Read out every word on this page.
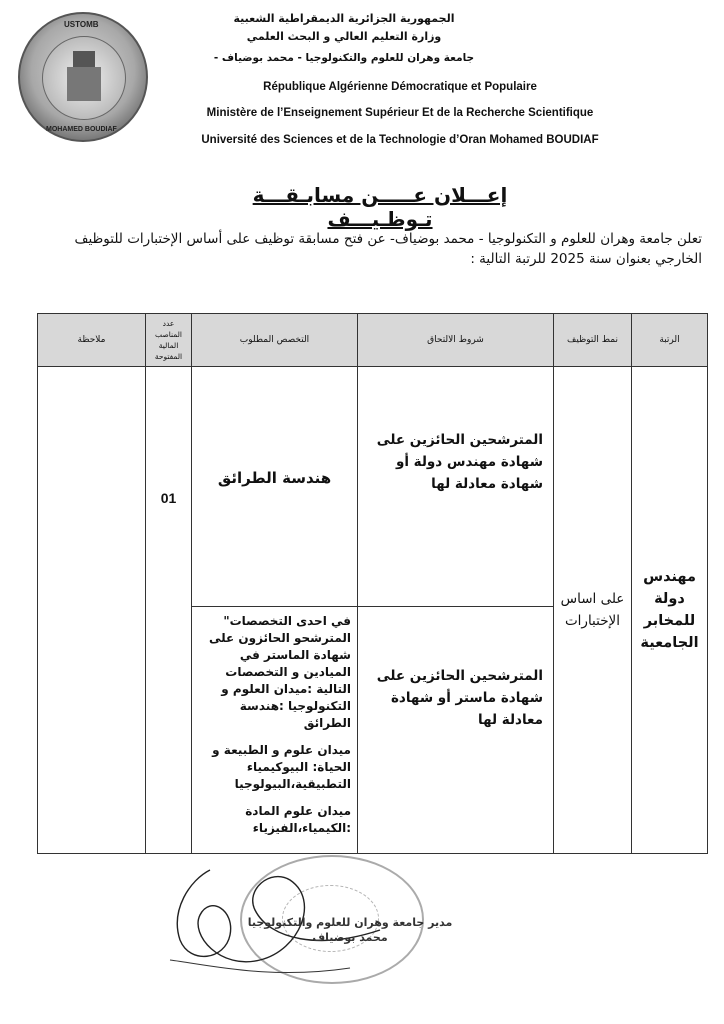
USTOMB
MOHAMED BOUDIAF
الجمهورية الجزائرية الديمقراطية الشعبية
وزارة التعليم العالي و البحث العلمي
جامعة وهران للعلوم والتكنولوجيا - محمد بوضياف -
République Algérienne Démocratique et Populaire
Ministère de l’Enseignement Supérieur Et de la Recherche Scientifique
Université des Sciences et de la Technologie d’Oran Mohamed BOUDIAF
إعـــلان عـــــن مسابـقـــة تـوظـيـــف
تعلن جامعة وهران للعلوم و التكنولوجيا - محمد بوضياف- عن فتح مسابقة توظيف على أساس الإختبارات للتوظيف الخارجي بعنوان سنة 2025 للرتبة التالية :
الرتبة	نمط التوظيف	شروط الالتحاق	التخصص المطلوب	عدد المناصب المالية المفتوحة	ملاحظة
مهندس دولة للمخابر الجامعية	على اساس الإختبارات	المترشحين الحائزين على شهادة مهندس دولة أو شهادة معادلة لها	هندسة الطرائق	01	
		المترشحين الحائزين على شهادة ماستر أو شهادة معادلة لها	في احدى التخصصات" المترشحو الحائزون على شهادة الماستر في الميادين و التخصصات التالية :ميدان العلوم و التكنولوجيا :هندسة الطرائق

ميدان علوم و الطبيعة و الحياة: البيوكيمياء التطبيقية،البيولوجيا

ميدان علوم المادة :الكيمياء،الفيزياء		

مدير جامعة وهران للعلوم والتكنولوجيا
محمد بوضياف
